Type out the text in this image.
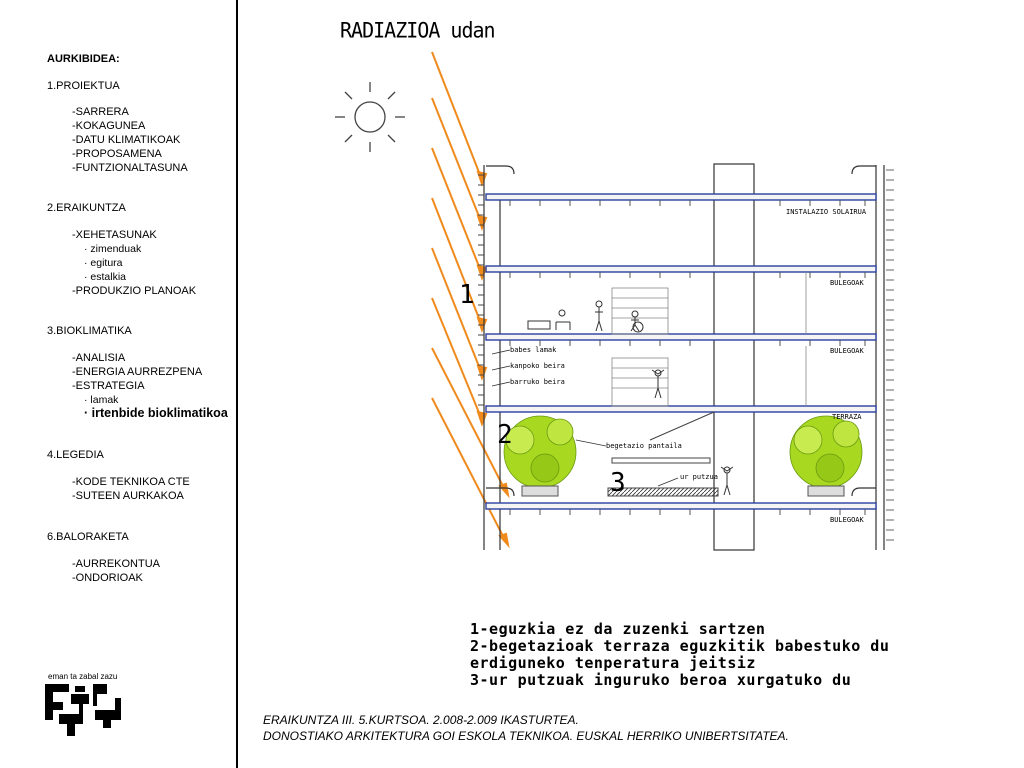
AURKIBIDEA:
1.PROIEKTUA
-SARRERA
-KOKAGUNEA
-DATU KLIMATIKOAK
-PROPOSAMENA
-FUNTZIONALTASUNA
2.ERAIKUNTZA
-XEHETASUNAK
· zimenduak
· egitura
· estalkia
-PRODUKZIO PLANOAK
3.BIOKLIMATIKA
-ANALISIA
-ENERGIA AURREZPENA
-ESTRATEGIA
· lamak
· irtenbide bioklimatikoa
4.LEGEDIA
-KODE TEKNIKOA CTE
-SUTEEN AURKAKOA
6.BALORAKETA
-AURREKONTUA
-ONDORIOAK
eman ta zabal zazu
RADIAZIOA udan
INSTALAZIO SOLAIRUA
BULEGOAK
BULEGOAK
TERRAZA
BULEGOAK
babes lamak
kanpoko beira
barruko beira
begetazio pantaila
ur putzua
1
2
3
1-eguzkia ez da zuzenki sartzen
2-begetazioak terraza eguzkitik babestuko du
erdiguneko tenperatura jeitsiz
3-ur putzuak inguruko beroa xurgatuko du
ERAIKUNTZA III. 5.KURTSOA. 2.008-2.009 IKASTURTEA.
DONOSTIAKO ARKITEKTURA GOI ESKOLA TEKNIKOA. EUSKAL HERRIKO UNIBERTSITATEA.
